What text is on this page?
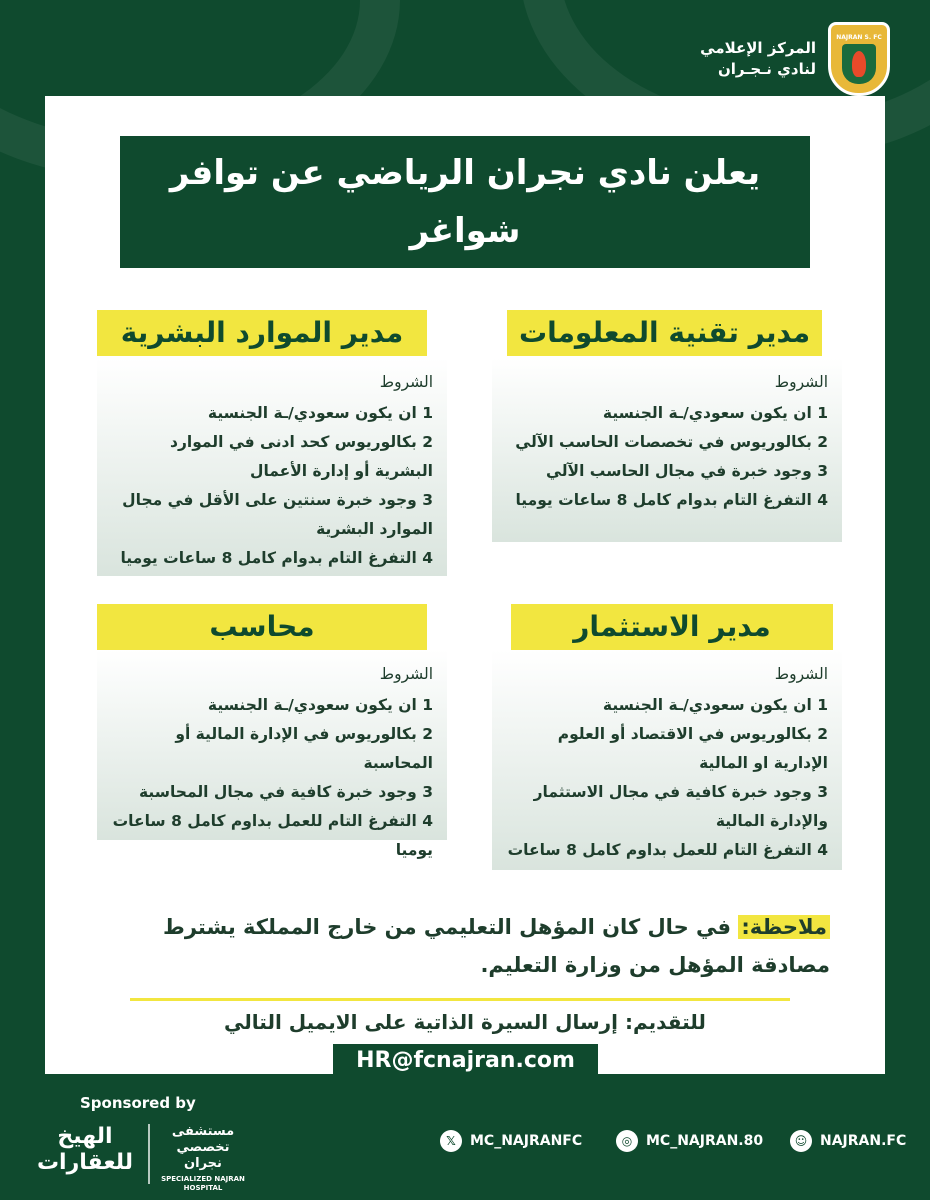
NAJRAN S. FC
المركز الإعلامي
لنادي نـجـران
يعلن نادي نجران الرياضي عن توافر شواغر
وظيفية إدارية للجنسين
الشروط
1 ان يكون سعودي/ـة الجنسية
2 بكالوريوس في تخصصات الحاسب الآلي
3 وجود خبرة في مجال الحاسب الآلي
4 التفرغ التام بدوام كامل 8 ساعات يوميا
مدير تقنية المعلومات
الشروط
1 ان يكون سعودي/ـة الجنسية
2 بكالوريوس كحد ادنى في الموارد البشرية أو إدارة الأعمال
3 وجود خبرة سنتين على الأقل في مجال الموارد البشرية
4 التفرغ التام بدوام كامل 8 ساعات يوميا
مدير الموارد البشرية
الشروط
1 ان يكون سعودي/ـة الجنسية
2 بكالوريوس في الاقتصاد أو العلوم الإدارية او المالية
3 وجود خبرة كافية في مجال الاستثمار والإدارة المالية
4 التفرغ التام للعمل بداوم كامل 8 ساعات
مدير الاستثمار
الشروط
1 ان يكون سعودي/ـة الجنسية
2 بكالوريوس في الإدارة المالية أو المحاسبة
3 وجود خبرة كافية في مجال المحاسبة
4 التفرغ التام للعمل بداوم كامل 8 ساعات يوميا
محاسب
ملاحظة: في حال كان المؤهل التعليمي من خارج المملكة يشترط مصادقة المؤهل من وزارة التعليم.
للتقديم: إرسال السيرة الذاتية على الايميل التالي
HR@fcnajran.com
Sponsored by
الهيخ للعقارات
مستشفى
تخصصي نجران
SPECIALIZED NAJRAN HOSPITAL
𝕏	MC_NAJRANFC	◎ MC_NAJRAN.80	☺ NAJRAN.FC
